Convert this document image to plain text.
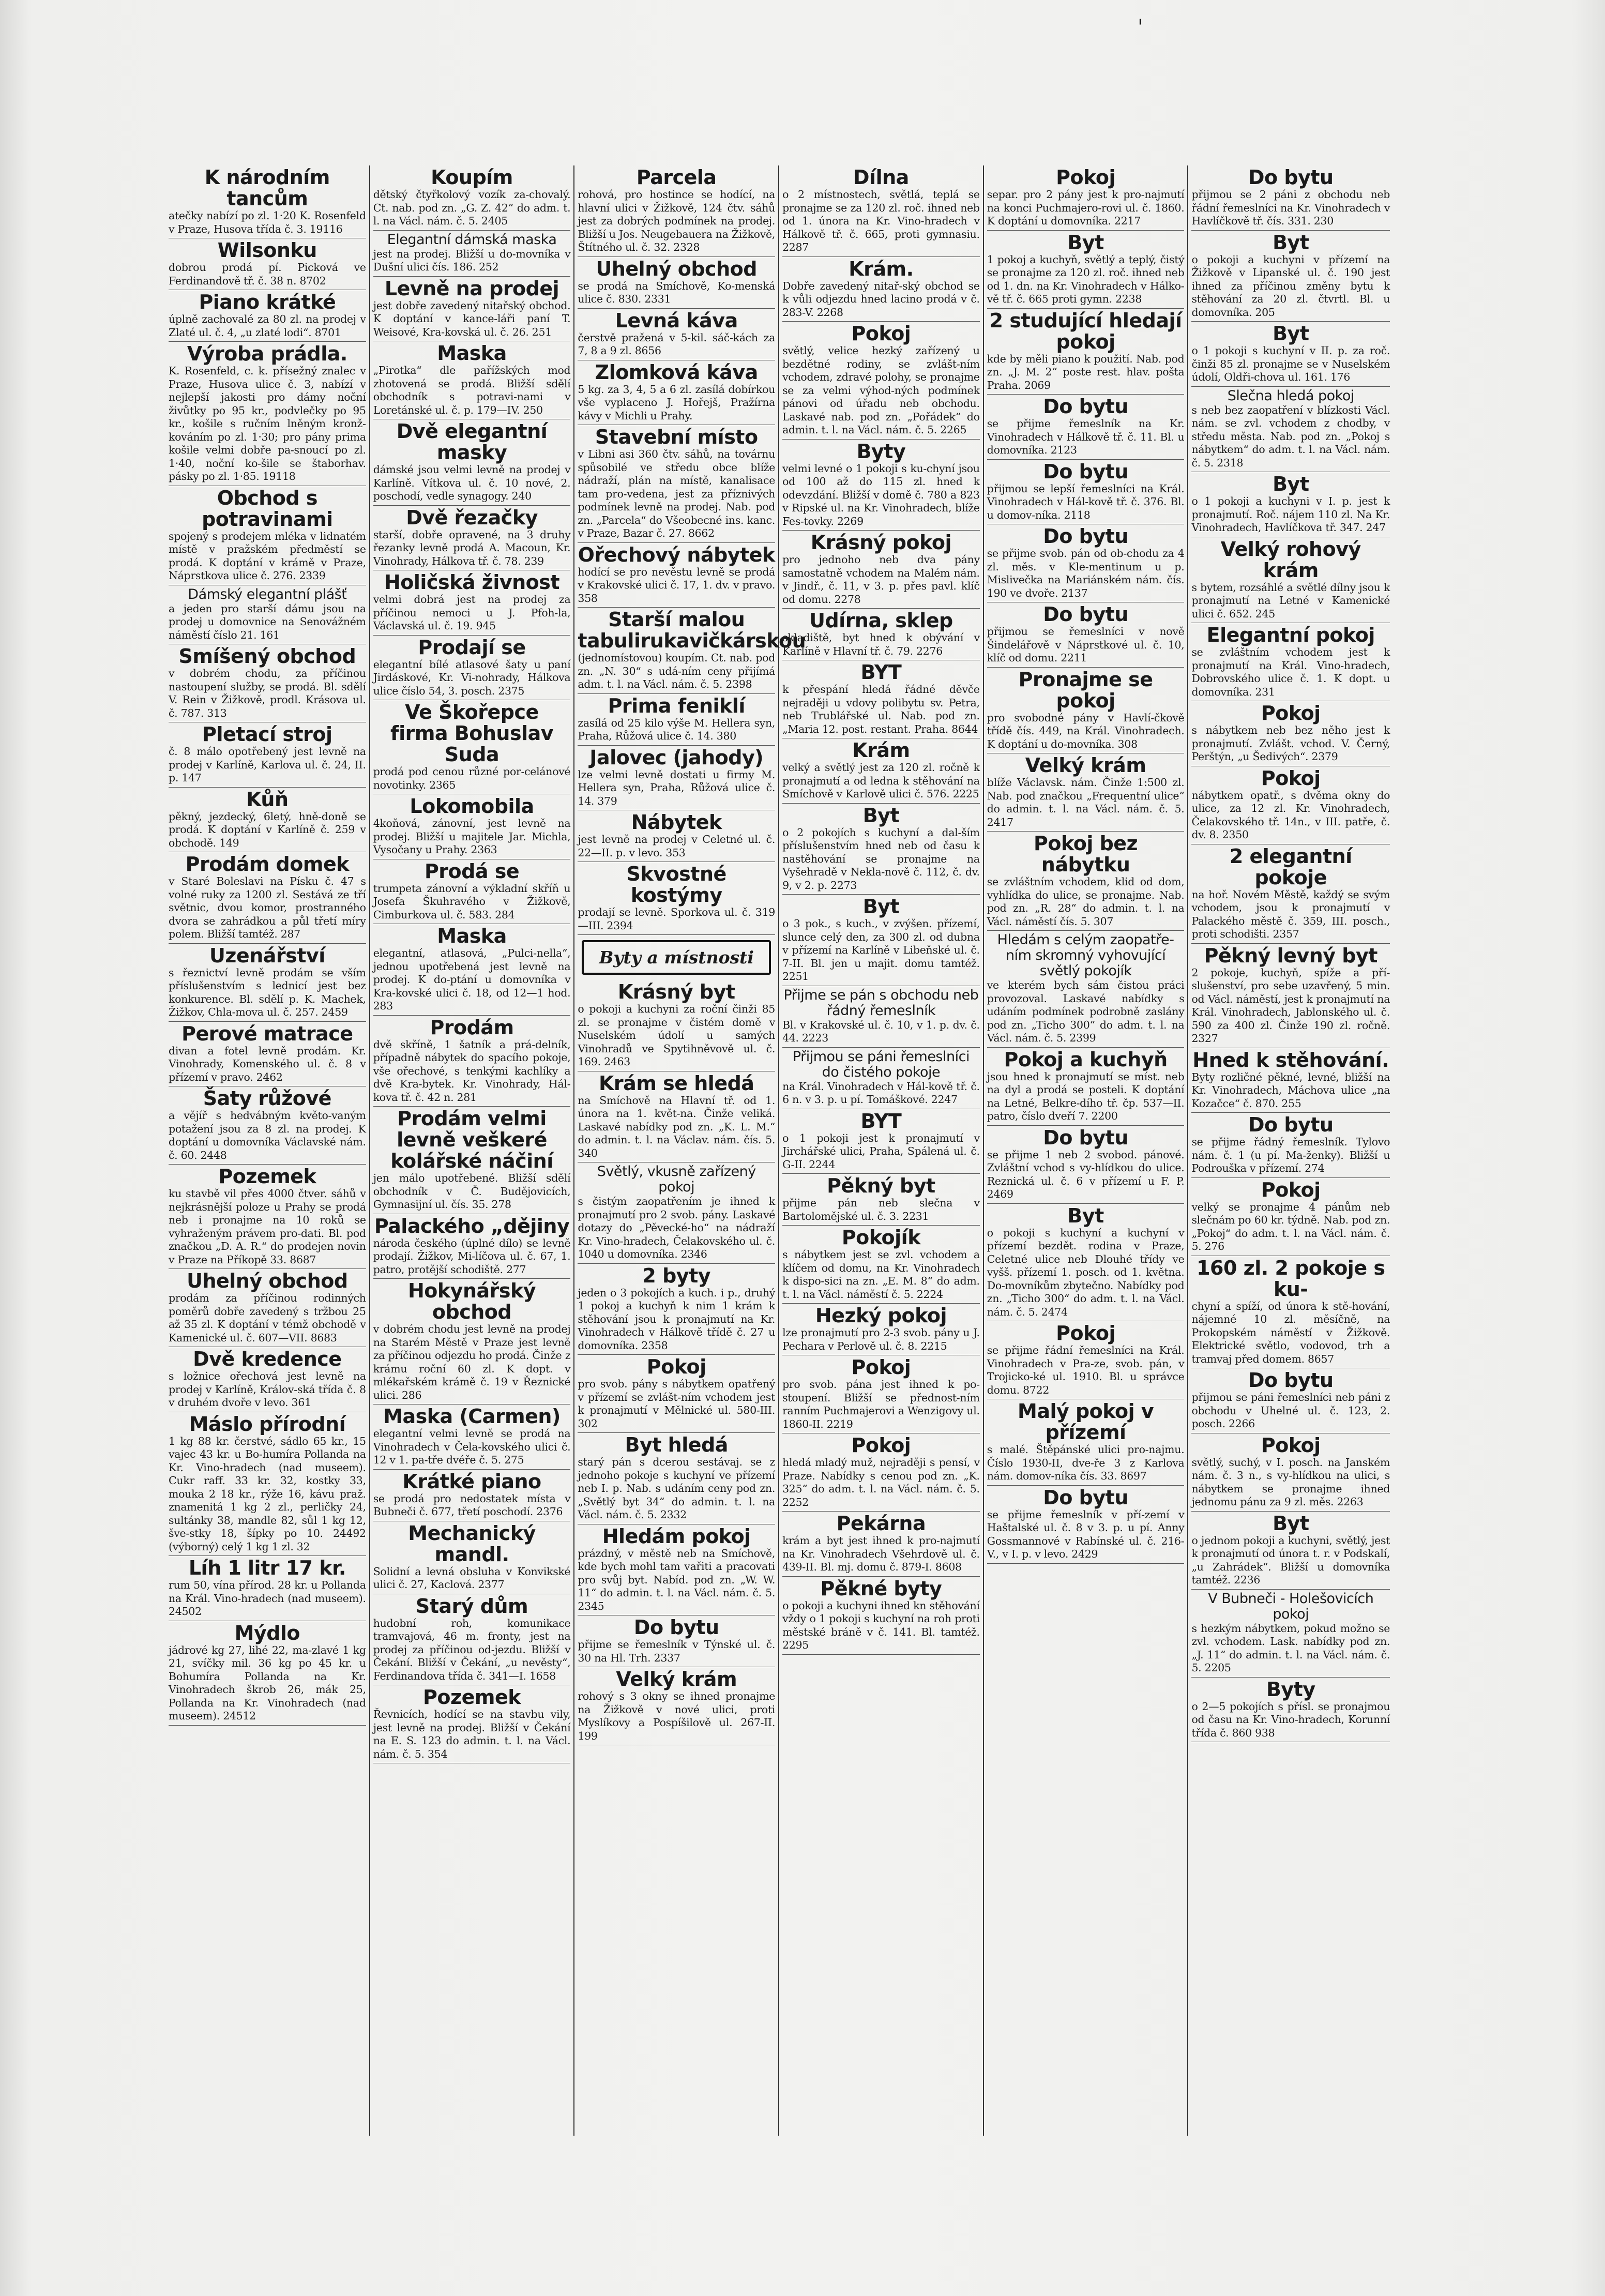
'
K národním tancům
atečky nabízí po zl. 1·20 K. Rosenfeld v Praze, Husova třída č. 3. 19116
Wilsonku
dobrou prodá pí. Picková ve Ferdinandově tř. č. 38 n. 8702
Piano krátké
úplně zachovalé za 80 zl. na prodej v Zlaté ul. č. 4, „u zlaté lodi“. 8701
Výroba prádla.
K. Rosenfeld, c. k. přísežný znalec v Praze, Husova ulice č. 3, nabízí v nejlepší jakosti pro dámy noční živůtky po 95 kr., podvlečky po 95 kr., košile s ručním lněným kronž-kováním po zl. 1·30; pro pány prima košile velmi dobře pa-snoucí po zl. 1·40, noční ko-šile se štaborhav. pásky po zl. 1·85. 19118
Obchod s potravinami
spojený s prodejem mléka v lidnatém místě v pražském předměstí se prodá. K doptání v krámě v Praze, Náprstkova ulice č. 276. 2339
Dámský elegantní plášť
a jeden pro starší dámu jsou na prodej u domovnice na Senovážném náměstí číslo 21. 161
Smíšený obchod
v dobrém chodu, za příčinou nastoupení služby, se prodá. Bl. sdělí V. Rein v Žižkově, prodl. Krásova ul. č. 787. 313
Pletací stroj
č. 8 málo opotřebený jest levně na prodej v Karlíně, Karlova ul. č. 24, II. p. 147
Kůň
pěkný, jezdecký, 6letý, hně-doně se prodá. K doptání v Karlíně č. 259 v obchodě. 149
Prodám domek
v Staré Boleslavi na Písku č. 47 s volné ruky za 1200 zl. Sestává ze tří světnic, dvou komor, prostranného dvora se zahrádkou a půl třetí míry polem. Bližší tamtéž. 287
Uzenářství
s řeznictví levně prodám se vším příslušenstvím s lednicí jest bez konkurence. Bl. sdělí p. K. Machek, Žižkov, Chla-mova ul. č. 257. 2459
Perové matrace
divan a fotel levně prodám. Kr. Vinohrady, Komenského ul. č. 8 v přízemí v pravo. 2462
Šaty růžové
a vějíř s hedvábným květo-vaným potažení jsou za 8 zl. na prodej. K doptání u domovníka Václavské nám. č. 60. 2448
Pozemek
ku stavbě vil přes 4000 čtver. sáhů v nejkrásnější poloze u Prahy se prodá neb i pronajme na 10 roků se vyhraženým právem pro-dati. Bl. pod značkou „D. A. R.“ do prodejen novin v Praze na Příkopě 33. 8687
Uhelný obchod
prodám za příčinou rodinných poměrů dobře zavedený s tržbou 25 až 35 zl. K doptání v témž obchodě v Kamenické ul. č. 607—VII. 8683
Dvě kredence
s ložnice ořechová jest levně na prodej v Karlíně, Králov-ská třída č. 8 v druhém dvoře v levo. 361
Máslo přírodní
1 kg 88 kr. čerstvé, sádlo 65 kr., 15 vajec 43 kr. u Bo-humíra Pollanda na Kr. Vino-hradech (nad museem). Cukr raff. 33 kr. 32, kostky 33, mouka 2 18 kr., rýže 16, kávu praž. znamenitá 1 kg 2 zl., perličky 24, sultánky 38, mandle 82, sůl 1 kg 12, šve-stky 18, šípky po 10. 24492 (výborný) celý 1 kg 1 zl. 32
Líh 1 litr 17 kr.
rum 50, vína přírod. 28 kr. u Pollanda na Král. Vino-hradech (nad museem). 24502
Mýdlo
jádrové kg 27, lihé 22, ma-zlavé 1 kg 21, svíčky mil. 36 kg po 45 kr. u Bohumíra Pollanda na Kr. Vinohradech škrob 26, mák 25, Pollanda na Kr. Vinohradech (nad museem). 24512
Koupím
dětský čtyřkolový vozík za-chovalý. Ct. nab. pod zn. „G. Z. 42“ do adm. t. l. na Václ. nám. č. 5. 2405
Elegantní dámská maska
jest na prodej. Bližší u do-movníka v Dušní ulici čís. 186. 252
Levně na prodej
jest dobře zavedený nitařský obchod. K doptání v kance-láři paní T. Weisové, Kra-kovská ul. č. 26. 251
Maska
„Pirotka“ dle pařížských mod zhotovená se prodá. Bližší sdělí obchodník s potravi-nami v Loretánské ul. č. p. 179—IV. 250
Dvě elegantní masky
dámské jsou velmi levně na prodej v Karlíně. Vítkova ul. č. 10 nové, 2. poschodí, vedle synagogy. 240
Dvě řezačky
starší, dobře opravené, na 3 druhy řezanky levně prodá A. Macoun, Kr. Vinohrady, Hálkova tř. č. 78. 239
Holičská živnost
velmi dobrá jest na prodej za příčinou nemoci u J. Pfoh-la, Václavská ul. č. 19. 945
Prodají se
elegantní bílé atlasové šaty u paní Jirdáskové, Kr. Vi-nohrady, Hálkova ulice číslo 54, 3. posch. 2375
Ve Škořepce firma Bohuslav Suda
prodá pod cenou různé por-celánové novotinky. 2365
Lokomobila
4koňová, zánovní, jest levně na prodej. Bližší u majitele Jar. Michla, Vysočany u Prahy. 2363
Prodá se
trumpeta zánovní a výkladní skříň u Josefa Škuhravého v Žižkově, Cimburkova ul. č. 583. 284
Maska
elegantní, atlasová, „Pulci-nella“, jednou upotřebená jest levně na prodej. K do-ptání u domovníka v Kra-kovské ulici č. 18, od 12—1 hod. 283
Prodám
dvě skříně, 1 šatník a prá-delník, případně nábytek do spacího pokoje, vše ořechové, s tenkými kachlíky a dvě Kra-bytek. Kr. Vinohrady, Hál-kova tř. č. 42 n. 281
Prodám velmi levně veškeré kolářské náčiní
jen málo upotřebené. Bližší sdělí obchodník v Č. Budějovicích, Gymnasijní ul. čís. 35. 278
Palackého „dějiny
národa českého (úplné dílo) se levně prodají. Žižkov, Mi-líčova ul. č. 67, 1. patro, protější schodiště. 277
Hokynářský obchod
v dobrém chodu jest levně na prodej na Starém Městě v Praze jest levně za příčinou odjezdu ho prodá. Činže z krámu roční 60 zl. K dopt. v mlékařském krámě č. 19 v Řeznické ulici. 286
Maska (Carmen)
elegantní velmi levně se prodá na Vinohradech v Čela-kovského ulici č. 12 v 1. pa-tře dvéře č. 5. 275
Krátké piano
se prodá pro nedostatek místa v Bubneči č. 677, třetí poschodí. 2376
Mechanický mandl.
Solidní a levná obsluha v Konvikské ulici č. 27, Kaclová. 2377
Starý dům
hudobní roh, komunikace tramvajová, 46 m. fronty, jest na prodej za příčinou od-jezdu. Bližší v Čekání. Bližší v Čekání, „u nevěsty“, Ferdinandova třída č. 341—I. 1658
Pozemek
Řevnicích, hodící se na stavbu vily, jest levně na prodej. Bližší v Čekání na E. S. 123 do admin. t. l. na Václ. nám. č. 5. 354
Parcela
rohová, pro hostince se hodící, na hlavní ulici v Žižkově, 124 čtv. sáhů jest za dobrých podmínek na prodej. Bližší u Jos. Neugebauera na Žižkově, Štítného ul. č. 32. 2328
Uhelný obchod
se prodá na Smíchově, Ko-menská ulice č. 830. 2331
Levná káva
čerstvě pražená v 5-kil. sáč-kách za 7, 8 a 9 zl. 8656
Zlomková káva
5 kg. za 3, 4, 5 a 6 zl. zasílá dobírkou vše vyplaceno J. Hořejš, Pražírna kávy v Michli u Prahy.
Stavební místo
v Libni asi 360 čtv. sáhů, na továrnu spůsobilé ve středu obce blíže nádraží, plán na místě, kanalisace tam pro-vedena, jest za příznivých podmínek levně na prodej. Nab. pod zn. „Parcela“ do Všeobecné ins. kanc. v Praze, Bazar č. 27. 8662
Ořechový nábytek
hodící se pro nevěstu levně se prodá v Krakovské ulici č. 17, 1. dv. v pravo. 358
Starší malou tabulirukavičkárskou
(jednomístovou) koupím. Ct. nab. pod zn. „N. 30“ s udá-ním ceny přijímá adm. t. l. na Václ. nám. č. 5. 2398
Prima feniklí
zasílá od 25 kilo výše M. Hellera syn, Praha, Růžová ulice č. 14. 380
Jalovec (jahody)
lze velmi levně dostati u firmy M. Hellera syn, Praha, Růžová ulice č. 14. 379
Nábytek
jest levně na prodej v Celetné ul. č. 22—II. p. v levo. 353
Skvostné kostýmy
prodají se levně. Sporkova ul. č. 319—III. 2394
Byty a místnosti
Krásný byt
o pokoji a kuchyni za roční činži 85 zl. se pronajme v čistém domě v Nuselském údolí u samých Vinohradů ve Spytihněvově ul. č. 169. 2463
Krám se hledá
na Smíchově na Hlavní tř. od 1. února na 1. květ-na. Činže veliká. Laskavé nabídky pod zn. „K. L. M.“ do admin. t. l. na Václav. nám. čís. 5. 340
Světlý, vkusně zařízený pokoj
s čistým zaopatřením je ihned k pronajmutí pro 2 svob. pány. Laskavé dotazy do „Pěvecké-ho“ na nádraží Kr. Vino-hradech, Čelakovského ul. č. 1040 u domovníka. 2346
2 byty
jeden o 3 pokojích a kuch. i p., druhý 1 pokoj a kuchyň k nim 1 krám k stěhování jsou k pronajmutí na Kr. Vinohradech v Hálkově třídě č. 27 u domovníka. 2358
Pokoj
pro svob. pány s nábytkem opatřený v přízemí se zvlášt-ním vchodem jest k pronajmutí v Mělnické ul. 580-III. 302
Byt hledá
starý pán s dcerou sestávaj. se z jednoho pokoje s kuchyní ve přízemí neb I. p. Nab. s udáním ceny pod zn. „Světlý byt 34“ do admin. t. l. na Václ. nám. č. 5. 2332
Hledám pokoj
prázdný, v městě neb na Smíchově, kde bych mohl tam vařiti a pracovati pro svůj byt. Nabíd. pod zn. „W. W. 11“ do admin. t. l. na Václ. nám. č. 5. 2345
Do bytu
přijme se řemeslník v Týnské ul. č. 30 na Hl. Trh. 2337
Velký krám
rohový s 3 okny se ihned pronajme na Žižkově v nové ulici, proti Myslíkovy a Pospíšilově ul. 267-II. 199
Dílna
o 2 místnostech, světlá, teplá se pronajme se za 120 zl. roč. ihned neb od 1. února na Kr. Vino-hradech v Hálkově tř. č. 665, proti gymnasiu. 2287
Krám.
Dobře zavedený nitař-ský obchod se k vůli odjezdu hned lacino prodá v č. 283-V. 2268
Pokoj
světlý, velice hezký zařízený u bezdětné rodiny, se zvlášt-ním vchodem, zdravé polohy, se pronajme se za velmi výhod-ných podmínek pánovi od úřadu neb obchodu. Laskavé nab. pod zn. „Pořádek“ do admin. t. l. na Václ. nám. č. 5. 2265
Byty
velmi levné o 1 pokoji s ku-chyní jsou od 100 až do 115 zl. hned k odevzdání. Bližší v domě č. 780 a 823 v Ripské ul. na Kr. Vinohradech, blíže Fes-tovky. 2269
Krásný pokoj
pro jednoho neb dva pány samostatně vchodem na Malém nám. v Jindř., č. 11, v 3. p. přes pavl. klíč od domu. 2278
Udírna, sklep
skladiště, byt hned k obývání v Karlíně v Hlavní tř. č. 79. 2276
BYT
k přespání hledá řádné děvče nejraději u vdovy polibytu sv. Petra, neb Trublářské ul. Nab. pod zn. „Maria 12. post. restant. Praha. 8644
Krám
velký a světlý jest za 120 zl. ročně k pronajmutí a od ledna k stěhování na Smíchově v Karlově ulici č. 576. 2225
Byt
o 2 pokojích s kuchyní a dal-ším příslušenstvím hned neb od času k nastěhování se pronajme na Vyšehradě v Nekla-nově č. 112, č. dv. 9, v 2. p. 2273
Byt
o 3 pok., s kuch., v zvýšen. přízemí, slunce celý den, za 300 zl. od dubna v přízemí na Karlíně v Libeňské ul. č. 7-II. Bl. jen u majit. domu tamtéž. 2251
Přijme se pán s obchodu neb řádný řemeslník
Bl. v Krakovské ul. č. 10, v 1. p. dv. č. 44. 2223
Přijmou se páni řemeslníci do čistého pokoje
na Král. Vinohradech v Hál-kově tř. č. 6 n. v 3. p. u pí. Tomáškové. 2247
BYT
o 1 pokoji jest k pronajmutí v Jirchářské ulici, Praha, Spálená ul. č. G-II. 2244
Pěkný byt
přijme pán neb slečna v Bartolomějské ul. č. 3. 2231
Pokojík
s nábytkem jest se zvl. vchodem a klíčem od domu, na Kr. Vinohradech k dispo-sici na zn. „E. M. 8“ do adm. t. l. na Václ. náměstí č. 5. 2224
Hezký pokoj
lze pronajmutí pro 2-3 svob. pány u J. Pechara v Perlově ul. č. 8. 2215
Pokoj
pro svob. pána jest ihned k po-stoupení. Bližší se přednost-ním ranním Puchmajerovi a Wenzigovy ul. 1860-II. 2219
Pokoj
hledá mladý muž, nejraději s pensí, v Praze. Nabídky s cenou pod zn. „K. 325“ do adm. t. l. na Václ. nám. č. 5. 2252
Pekárna
krám a byt jest ihned k pro-najmutí na Kr. Vinohradech Všehrdově ul. č. 439-II. Bl. mj. domu č. 879-I. 8608
Pěkné byty
o pokoji a kuchyni ihned kn stěhování vždy o 1 pokoji s kuchyní na roh proti městské bráně v č. 141. Bl. tamtéž. 2295
Pokoj
separ. pro 2 pány jest k pro-najmutí na konci Puchmajero-rovi ul. č. 1860. K doptání u domovníka. 2217
Byt
1 pokoj a kuchyň, světlý a teplý, čistý se pronajme za 120 zl. roč. ihned neb od 1. dn. na Kr. Vinohradech v Hálko-vě tř. č. 665 proti gymn. 2238
2 studující hledají pokoj
kde by měli piano k použití. Nab. pod zn. „J. M. 2“ poste rest. hlav. pošta Praha. 2069
Do bytu
se přijme řemeslník na Kr. Vinohradech v Hálkově tř. č. 11. Bl. u domovníka. 2123
Do bytu
přijmou se lepší řemeslníci na Král. Vinohradech v Hál-kově tř. č. 376. Bl. u domov-níka. 2118
Do bytu
se přijme svob. pán od ob-chodu za 4 zl. měs. v Kle-mentinum u p. Mislivečka na Mariánském nám. čís. 190 ve dvoře. 2137
Do bytu
přijmou se řemeslníci v nově Šindelářově v Náprstkové ul. č. 10, klíč od domu. 2211
Pronajme se pokoj
pro svobodné pány v Havlí-čkově třídě čís. 449, na Král. Vinohradech. K doptání u do-movníka. 308
Velký krám
blíže Václavsk. nám. Činže 1:500 zl. Nab. pod značkou „Frequentní ulice“ do admin. t. l. na Václ. nám. č. 5. 2417
Pokoj bez nábytku
se zvláštním vchodem, klid od dom, vyhlídka do ulice, se pronajme. Nab. pod zn. „R. 28“ do admin. t. l. na Václ. náměstí čís. 5. 307
Hledám s celým zaopatře-ním skromný vyhovující světlý pokojík
ve kterém bych sám čistou práci provozoval. Laskavé nabídky s udáním podmínek podrobně zaslány pod zn. „Ticho 300“ do adm. t. l. na Václ. nám. č. 5. 2399
Pokoj a kuchyň
jsou hned k pronajmutí se míst. neb na dyl a prodá se posteli. K doptání na Letné, Belkre-dího tř. čp. 537—II. patro, číslo dveří 7. 2200
Do bytu
se přijme 1 neb 2 svobod. pánové. Zvláštní vchod s vy-hlídkou do ulice. Reznická ul. č. 6 v přízemí u F. P. 2469
Byt
o pokoji s kuchyní a kuchyní v přízemí bezdět. rodina v Praze, Celetné ulice neb Dlouhé třídy ve vyšš. přízemí 1. posch. od 1. května. Do-movníkům zbytečno. Nabídky pod zn. „Ticho 300“ do adm. t. l. na Václ. nám. č. 5. 2474
Pokoj
se přijme řádní řemeslníci na Král. Vinohradech v Pra-ze, svob. pán, v Trojicko-ké ul. 1910. Bl. u správce domu. 8722
Malý pokoj v přízemí
s malé. Štěpánské ulici pro-najmu. Číslo 1930-II, dve-ře 3 z Karlova nám. domov-níka čís. 33. 8697
Do bytu
se přijme řemeslník v pří-zemí v Haštalské ul. č. 8 v 3. p. u pí. Anny Gossmannové v Rabínské ul. č. 216-V., v I. p. v levo. 2429
Do bytu
přijmou se 2 páni z obchodu neb řádní řemeslníci na Kr. Vinohradech v Havlíčkově tř. čís. 331. 230
Byt
o pokoji a kuchyni v přízemí na Žižkově v Lipanské ul. č. 190 jest ihned za příčinou změny bytu k stěhování za 20 zl. čtvrtl. Bl. u domovníka. 205
Byt
o 1 pokoji s kuchyní v II. p. za roč. činži 85 zl. pronajme se v Nuselském údolí, Oldři-chova ul. 161. 176
Slečna hledá pokoj
s neb bez zaopatření v blízkosti Václ. nám. se zvl. vchodem z chodby, v středu města. Nab. pod zn. „Pokoj s nábytkem“ do adm. t. l. na Václ. nám. č. 5. 2318
Byt
o 1 pokoji a kuchyni v I. p. jest k pronajmutí. Roč. nájem 110 zl. Na Kr. Vinohradech, Havlíčkova tř. 347. 247
Velký rohový krám
s bytem, rozsáhlé a světlé dílny jsou k pronajmutí na Letné v Kamenické ulici č. 652. 245
Elegantní pokoj
se zvláštním vchodem jest k pronajmutí na Král. Vino-hradech, Dobrovského ulice č. 1. K dopt. u domovníka. 231
Pokoj
s nábytkem neb bez něho jest k pronajmutí. Zvlášt. vchod. V. Černý, Perštýn, „u Šedivých“. 2379
Pokoj
nábytkem opatř., s dvěma okny do ulice, za 12 zl. Kr. Vinohradech, Čelakovského tř. 14n., v III. patře, č. dv. 8. 2350
2 elegantní pokoje
na hoř. Novém Městě, každý se svým vchodem, jsou k pronajmutí v Palackého městě č. 359, III. posch., proti schodišti. 2357
Pěkný levný byt
2 pokoje, kuchyň, spíže a pří-slušenství, pro sebe uzavřený, 5 min. od Václ. náměstí, jest k pronajmutí na Král. Vinohradech, Jablonského ul. č. 590 za 400 zl. Činže 190 zl. ročně. 2327
Hned k stěhování.
Byty rozličné pěkné, levné, bližší na Kr. Vinohradech, Máchova ulice „na Kozačce“ č. 870. 255
Do bytu
se přijme řádný řemeslník. Tylovo nám. č. 1 (u pí. Ma-ženky). Bližší u Podrouška v přízemí. 274
Pokoj
velký se pronajme 4 pánům neb slečnám po 60 kr. týdně. Nab. pod zn. „Pokoj“ do adm. t. l. na Václ. nám. č. 5. 276
160 zl. 2 pokoje s ku-
chyní a spíží, od února k stě-hování, nájemné 10 zl. měsíčně, na Prokopském náměstí v Žižkově. Elektrické světlo, vodovod, trh a tramvaj před domem. 8657
Do bytu
přijmou se páni řemeslníci neb páni z obchodu v Uhelné ul. č. 123, 2. posch. 2266
Pokoj
světlý, suchý, v I. posch. na Janském nám. č. 3 n., s vy-hlídkou na ulici, s nábytkem se pronajme ihned jednomu pánu za 9 zl. měs. 2263
Byt
o jednom pokoji a kuchyni, světlý, jest k pronajmutí od února t. r. v Podskalí, „u Zahrádek“. Bližší u domovníka tamtéž. 2236
V Bubneči - Holešovicích pokoj
s hezkým nábytkem, pokud možno se zvl. vchodem. Lask. nabídky pod zn. „J. 11“ do admin. t. l. na Václ. nám. č. 5. 2205
Byty
o 2—5 pokojích s přísl. se pronajmou od času na Kr. Vino-hradech, Korunní třída č. 860 938
